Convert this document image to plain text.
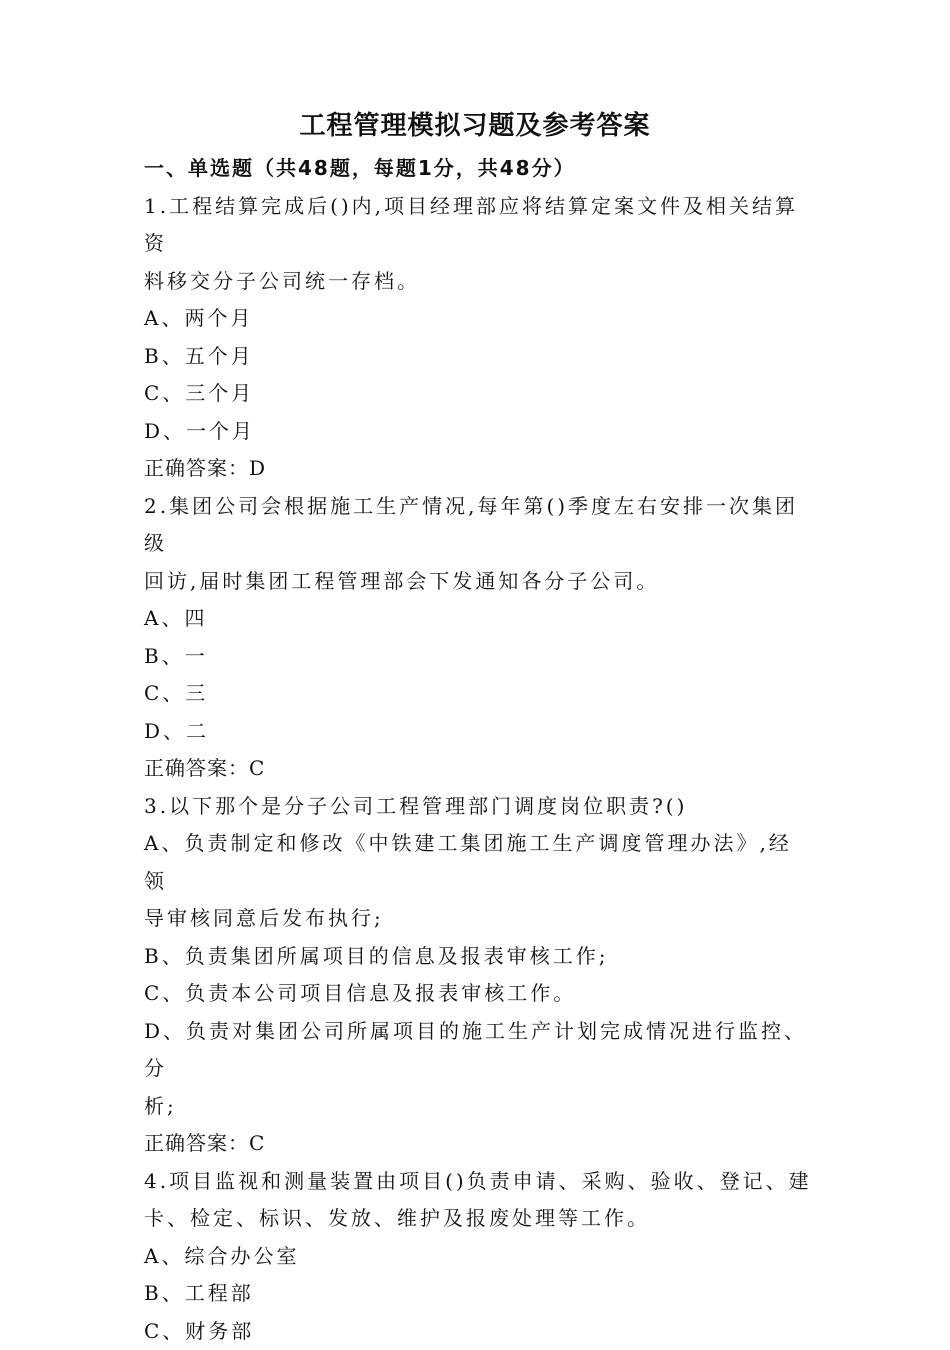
工程管理模拟习题及参考答案

一、单选题（共48题，每题1分，共48分）

1.工程结算完成后()内,项目经理部应将结算定案文件及相关结算资

料移交分子公司统一存档。

A、两个月

B、五个月

C、三个月

D、一个月

正确答案：D

2.集团公司会根据施工生产情况,每年第()季度左右安排一次集团级

回访,届时集团工程管理部会下发通知各分子公司。

A、四

B、一

C、三

D、二

正确答案：C

3.以下那个是分子公司工程管理部门调度岗位职责?()

A、负责制定和修改《中铁建工集团施工生产调度管理办法》,经领

导审核同意后发布执行;

B、负责集团所属项目的信息及报表审核工作;

C、负责本公司项目信息及报表审核工作。

D、负责对集团公司所属项目的施工生产计划完成情况进行监控、分

析;

正确答案：C

4.项目监视和测量装置由项目()负责申请、采购、验收、登记、建

卡、检定、标识、发放、维护及报废处理等工作。

A、综合办公室

B、工程部

C、财务部
